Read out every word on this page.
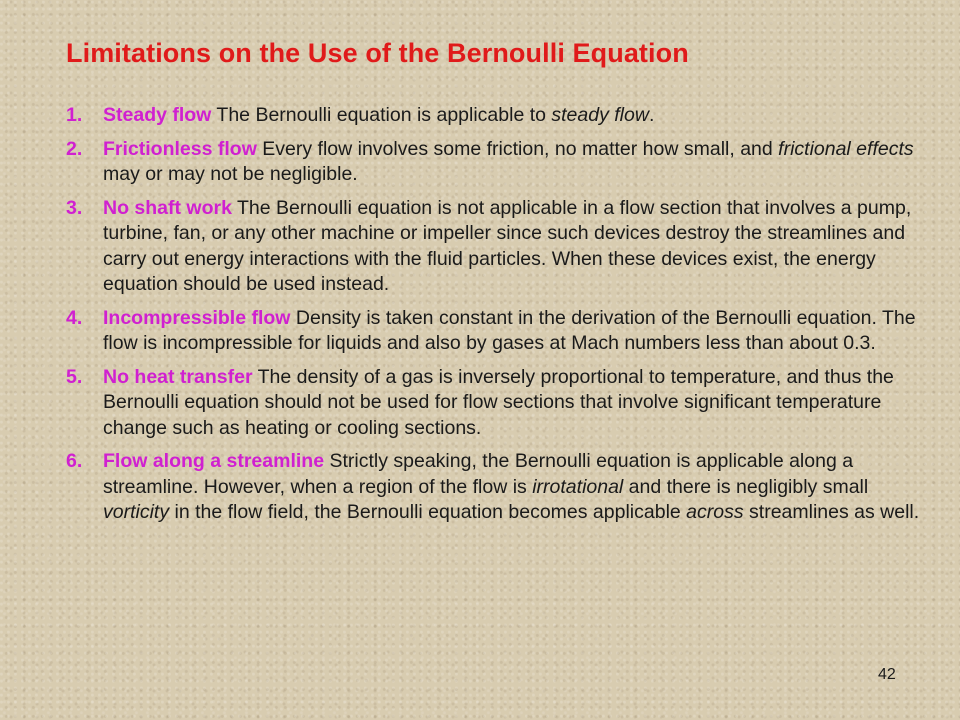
Limitations on the Use of the Bernoulli Equation
1. Steady flow The Bernoulli equation is applicable to steady flow.
2. Frictionless flow Every flow involves some friction, no matter how small, and frictional effects may or may not be negligible.
3. No shaft work The Bernoulli equation is not applicable in a flow section that involves a pump, turbine, fan, or any other machine or impeller since such devices destroy the streamlines and carry out energy interactions with the fluid particles. When these devices exist, the energy equation should be used instead.
4. Incompressible flow Density is taken constant in the derivation of the Bernoulli equation. The flow is incompressible for liquids and also by gases at Mach numbers less than about 0.3.
5. No heat transfer The density of a gas is inversely proportional to temperature, and thus the Bernoulli equation should not be used for flow sections that involve significant temperature change such as heating or cooling sections.
6. Flow along a streamline Strictly speaking, the Bernoulli equation is applicable along a streamline. However, when a region of the flow is irrotational and there is negligibly small vorticity in the flow field, the Bernoulli equation becomes applicable across streamlines as well.
42
